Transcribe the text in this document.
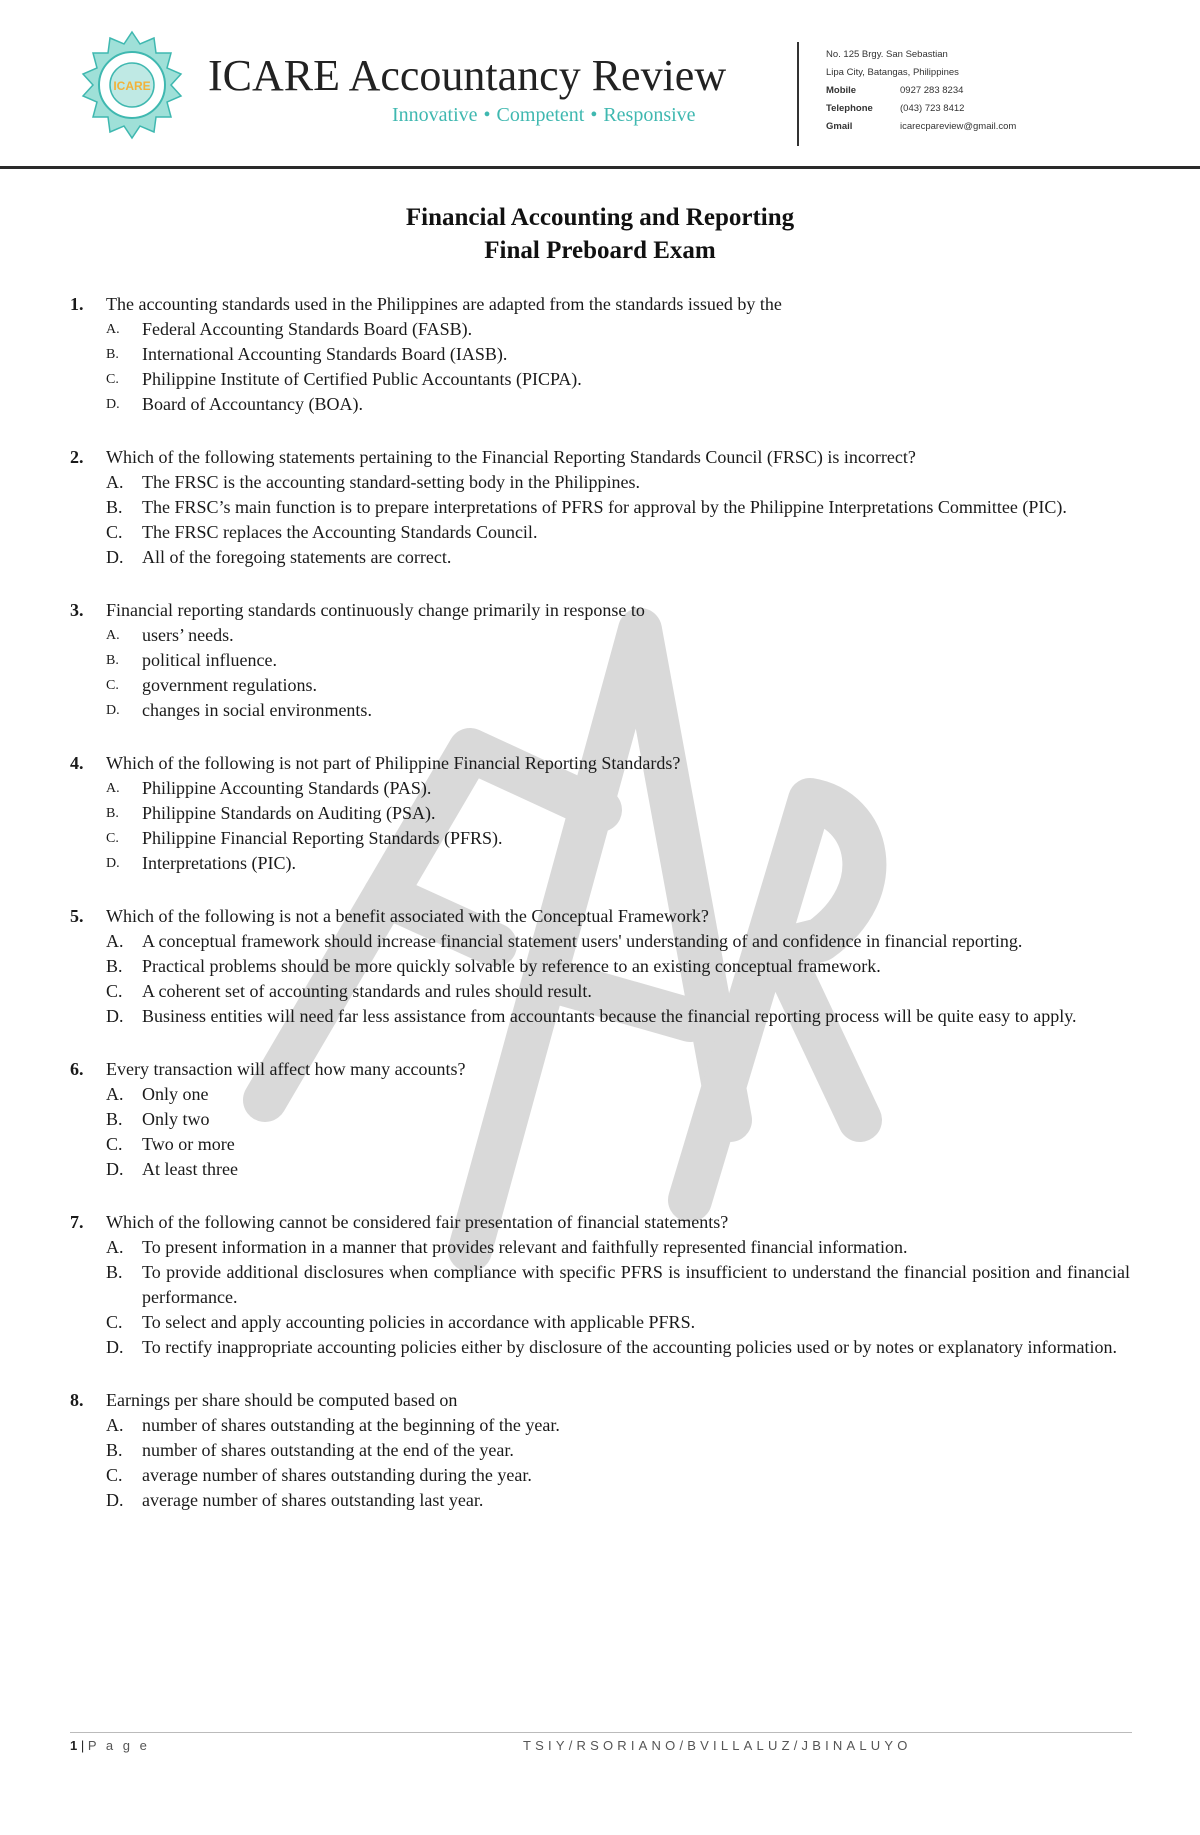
ICARE ICARE Accountancy Review
Innovative • Competent • Responsive
No. 125 Brgy. San Sebastian
Lipa City, Batangas, Philippines
Mobile	0927 283 8234
Telephone	(043) 723 8412
Gmail	icarecpareview@gmail.com
Financial Accounting and Reporting
Final Preboard Exam
1. The accounting standards used in the Philippines are adapted from the standards issued by the
A. Federal Accounting Standards Board (FASB).
B. International Accounting Standards Board (IASB).
C. Philippine Institute of Certified Public Accountants (PICPA).
D. Board of Accountancy (BOA).
2. Which of the following statements pertaining to the Financial Reporting Standards Council (FRSC) is incorrect?
A. The FRSC is the accounting standard-setting body in the Philippines.
B. The FRSC’s main function is to prepare interpretations of PFRS for approval by the Philippine Interpretations Committee (PIC).
C. The FRSC replaces the Accounting Standards Council.
D. All of the foregoing statements are correct.
3. Financial reporting standards continuously change primarily in response to
A. users’ needs.
B. political influence.
C. government regulations.
D. changes in social environments.
4. Which of the following is not part of Philippine Financial Reporting Standards?
A. Philippine Accounting Standards (PAS).
B. Philippine Standards on Auditing (PSA).
C. Philippine Financial Reporting Standards (PFRS).
D. Interpretations (PIC).
5. Which of the following is not a benefit associated with the Conceptual Framework?
A. A conceptual framework should increase financial statement users' understanding of and confidence in financial reporting.
B. Practical problems should be more quickly solvable by reference to an existing conceptual framework.
C. A coherent set of accounting standards and rules should result.
D. Business entities will need far less assistance from accountants because the financial reporting process will be quite easy to apply.
6. Every transaction will affect how many accounts?
A. Only one
B. Only two
C. Two or more
D. At least three
7. Which of the following cannot be considered fair presentation of financial statements?
A. To present information in a manner that provides relevant and faithfully represented financial information.
B. To provide additional disclosures when compliance with specific PFRS is insufficient to understand the financial position and financial performance.
C. To select and apply accounting policies in accordance with applicable PFRS.
D. To rectify inappropriate accounting policies either by disclosure of the accounting policies used or by notes or explanatory information.
8. Earnings per share should be computed based on
A. number of shares outstanding at the beginning of the year.
B. number of shares outstanding at the end of the year.
C. average number of shares outstanding during the year.
D. average number of shares outstanding last year.
1 | P a g e	TSIY/RSORIANO/BVILLALUZ/JBINALUYO
